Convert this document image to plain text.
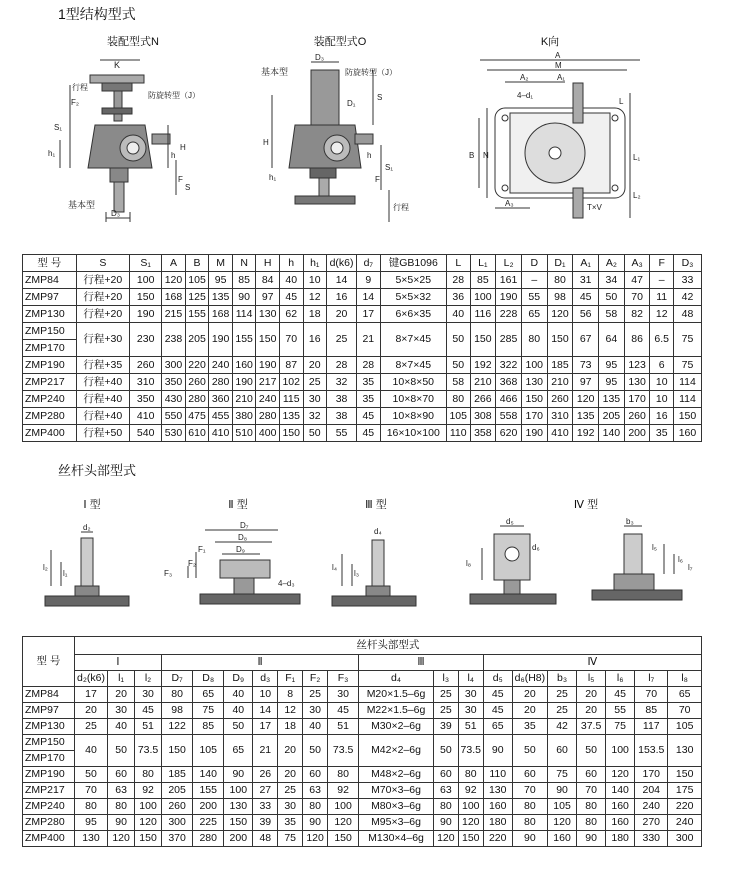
1型结构型式
装配型式N	装配型式O	K向
K
F₂
行程
防旋转型（J）
S₁
h₁	h
H
F
S
基本型
D₃
D₃
基本型	防旋转型（J）
D₁
S
H
h
S₁
h₁	F
行程
A
M
A₂	A₁
4–d₁
L
L₁
B N
A₃	T×V
L₂
型 号	S	S₁	A	B	M	N	H	h	h₁	d(k6)	d₇	键GB1096	L	L₁	L₂	D	D₁	A₁	A₂	A₃	F	D₃
ZMP84	行程+20	100	120	105	95	85	84	40	10	14	9	5×5×25	28	85	161	–	80	31	34	47	–	33
ZMP97	行程+20	150	168	125	135	90	97	45	12	16	14	5×5×32	36	100	190	55	98	45	50	70	11	42
ZMP130	行程+20	190	215	155	168	114	130	62	18	20	17	6×6×35	40	116	228	65	120	56	58	82	12	48
ZMP150	行程+30	230	238	205	190	155	150	70	16	25	21	8×7×45	50	150	285	80	150	67	64	86	6.5	75
ZMP170																						
ZMP190	行程+35	260	300	220	240	160	190	87	20	28	28	8×7×45	50	192	322	100	185	73	95	123	6	75
ZMP217	行程+40	310	350	260	280	190	217	102	25	32	35	10×8×50	58	210	368	130	210	97	95	130	10	114
ZMP240	行程+40	350	430	280	360	210	240	115	30	38	35	10×8×70	80	266	466	150	260	120	135	170	10	114
ZMP280	行程+40	410	550	475	455	380	280	135	32	38	45	10×8×90	105	308	558	170	310	135	205	260	16	150
ZMP400	行程+50	540	530	610	410	510	400	150	50	55	45	16×10×100	110	358	620	190	410	192	140	200	35	160
丝杆头部型式
Ⅰ 型	Ⅱ 型	Ⅲ 型	Ⅳ 型
d₂
l₁
l₂
D₇
D₈
D₉
F₁
F₂
F₃
4–d₃
d₄
l₃
l₄
d₅
l₈
d₆
b₃
l₅
l₆
l₇
型 号	丝杆头部型式																			
	Ⅰ			Ⅱ							Ⅲ			Ⅳ						
	d₂(k6)	l₁	l₂	D₇	D₈	D₉	d₃	F₁	F₂	F₃	d₄	l₃	l₄	d₅	d₆(H8)	b₃	l₅	l₆	l₇	l₈
ZMP84	17	20	30	80	65	40	10	8	25	30	M20×1.5–6g	25	30	45	20	25	20	45	70	65
ZMP97	20	30	45	98	75	40	14	12	30	45	M22×1.5–6g	25	30	45	20	25	20	55	85	70
ZMP130	25	40	51	122	85	50	17	18	40	51	M30×2–6g	39	51	65	35	42	37.5	75	117	105
ZMP150	40	50	73.5	150	105	65	21	20	50	73.5	M42×2–6g	50	73.5	90	50	60	50	100	153.5	130
ZMP170																				
ZMP190	50	60	80	185	140	90	26	20	60	80	M48×2–6g	60	80	110	60	75	60	120	170	150
ZMP217	70	63	92	205	155	100	27	25	63	92	M70×3–6g	63	92	130	70	90	70	140	204	175
ZMP240	80	80	100	260	200	130	33	30	80	100	M80×3–6g	80	100	160	80	105	80	160	240	220
ZMP280	95	90	120	300	225	150	39	35	90	120	M95×3–6g	90	120	180	80	120	80	160	270	240
ZMP400	130	120	150	370	280	200	48	75	120	150	M130×4–6g	120	150	220	90	160	90	180	330	300
